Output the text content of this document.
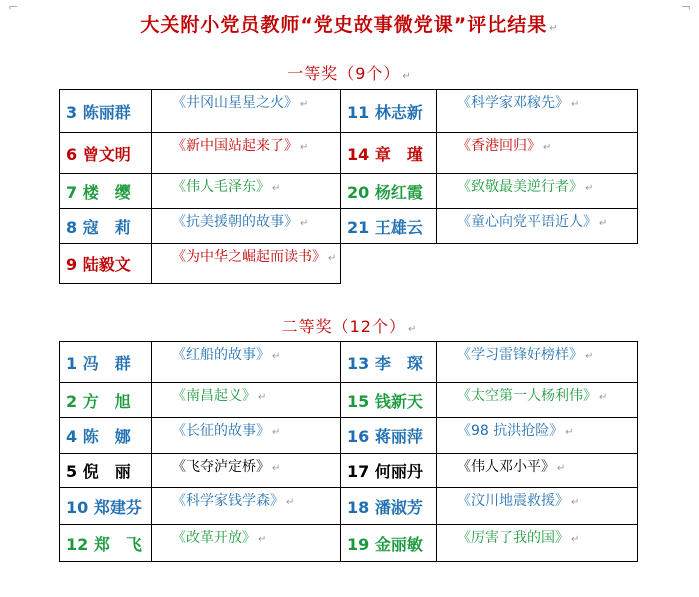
⌐	¬
大关附小党员教师“党史故事微党课”评比结果 ↵
一等奖（9个） ↵
3 陈丽群	《井冈山星星之火》 ↵	11 林志新	《科学家邓稼先》 ↵
6 曾文明	《新中国站起来了》 ↵	14 章　瑾	《香港回归》 ↵
7 楼　缨	《伟人毛泽东》 ↵	20 杨红霞	《致敬最美逆行者》 ↵
8 寇　莉	《抗美援朝的故事》 ↵	21 王雄云	《童心向党平语近人》 ↵
9 陆毅文	《为中华之崛起而读书》 ↵		
二等奖（12个） ↵
1 冯　群	《红船的故事》 ↵	13 李　琛	《学习雷锋好榜样》 ↵
2 方　旭	《南昌起义》 ↵	15 钱新天	《太空第一人杨利伟》 ↵
4 陈　娜	《长征的故事》 ↵	16 蒋丽萍	《98 抗洪抢险》 ↵
5 倪　丽	《飞夺泸定桥》 ↵	17 何丽丹	《伟人邓小平》 ↵
10 郑建芬	《科学家钱学森》 ↵	18 潘淑芳	《汶川地震救援》 ↵
12 郑　飞	《改革开放》 ↵	19 金丽敏	《厉害了我的国》 ↵
